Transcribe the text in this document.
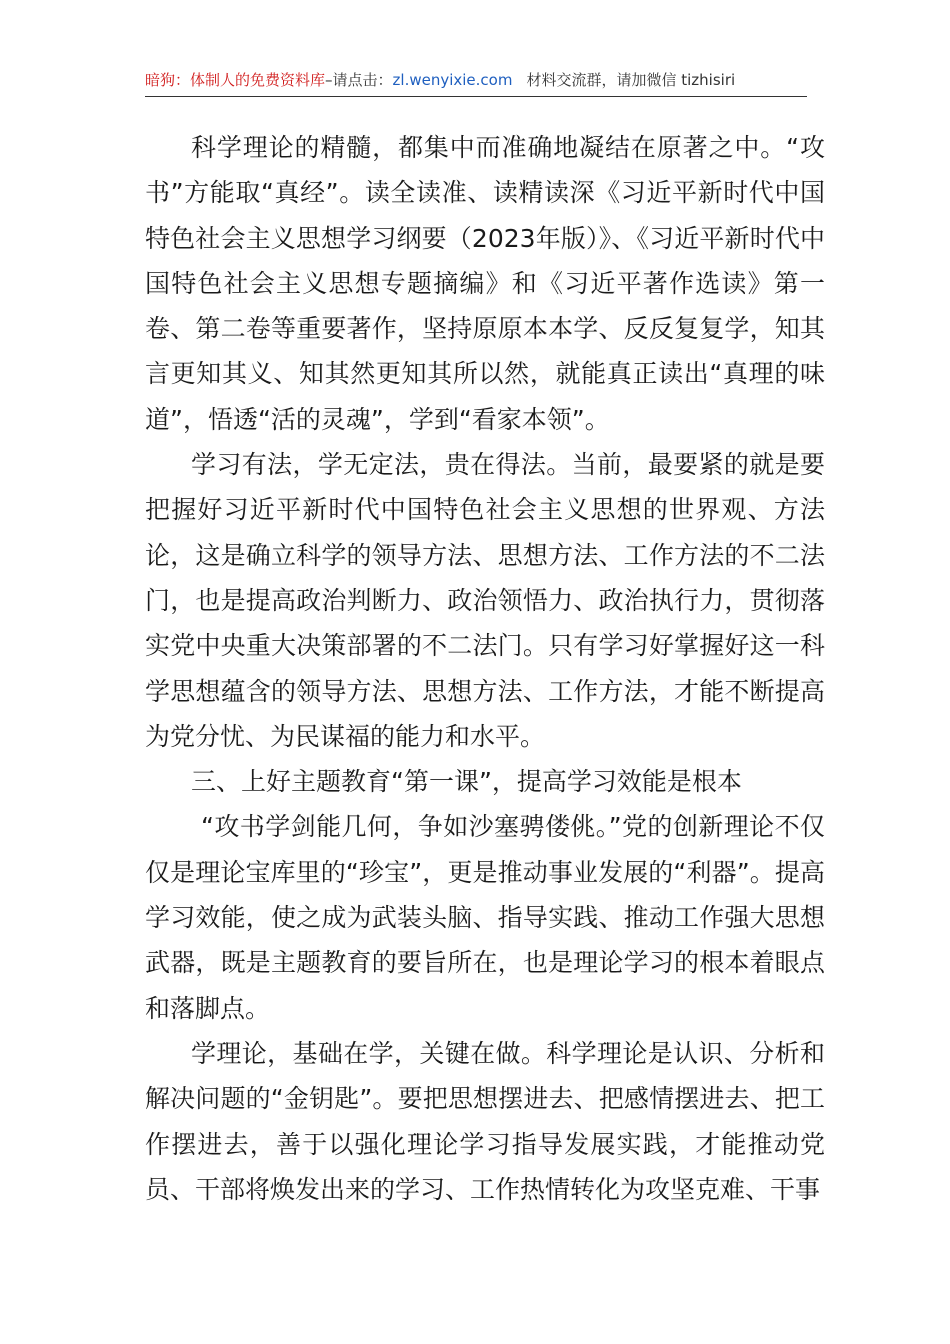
暗狗：体制人的免费资料库–请点击：zl.wenyixie.com 材料交流群，请加微信 tizhisiri

科学理论的精髓，都集中而准确地凝结在原著之中。“攻书”方能取“真经”。读全读准、读精读深《习近平新时代中国特色社会主义思想学习纲要（2023年版）》、《习近平新时代中国特色社会主义思想专题摘编》和《习近平著作选读》第一卷、第二卷等重要著作，坚持原原本本学、反反复复学，知其言更知其义、知其然更知其所以然，就能真正读出“真理的味道”，悟透“活的灵魂”，学到“看家本领”。

学习有法，学无定法，贵在得法。当前，最要紧的就是要把握好习近平新时代中国特色社会主义思想的世界观、方法论，这是确立科学的领导方法、思想方法、工作方法的不二法门，也是提高政治判断力、政治领悟力、政治执行力，贯彻落实党中央重大决策部署的不二法门。只有学习好掌握好这一科学思想蕴含的领导方法、思想方法、工作方法，才能不断提高为党分忧、为民谋福的能力和水平。

三、上好主题教育“第一课”，提高学习效能是根本

“攻书学剑能几何，争如沙塞骋偻佻。”党的创新理论不仅仅是理论宝库里的“珍宝”，更是推动事业发展的“利器”。提高学习效能，使之成为武装头脑、指导实践、推动工作强大思想武器，既是主题教育的要旨所在，也是理论学习的根本着眼点和落脚点。

学理论，基础在学，关键在做。科学理论是认识、分析和解决问题的“金钥匙”。要把思想摆进去、把感情摆进去、把工作摆进去，善于以强化理论学习指导发展实践，才能推动党员、干部将焕发出来的学习、工作热情转化为攻坚克难、干事
